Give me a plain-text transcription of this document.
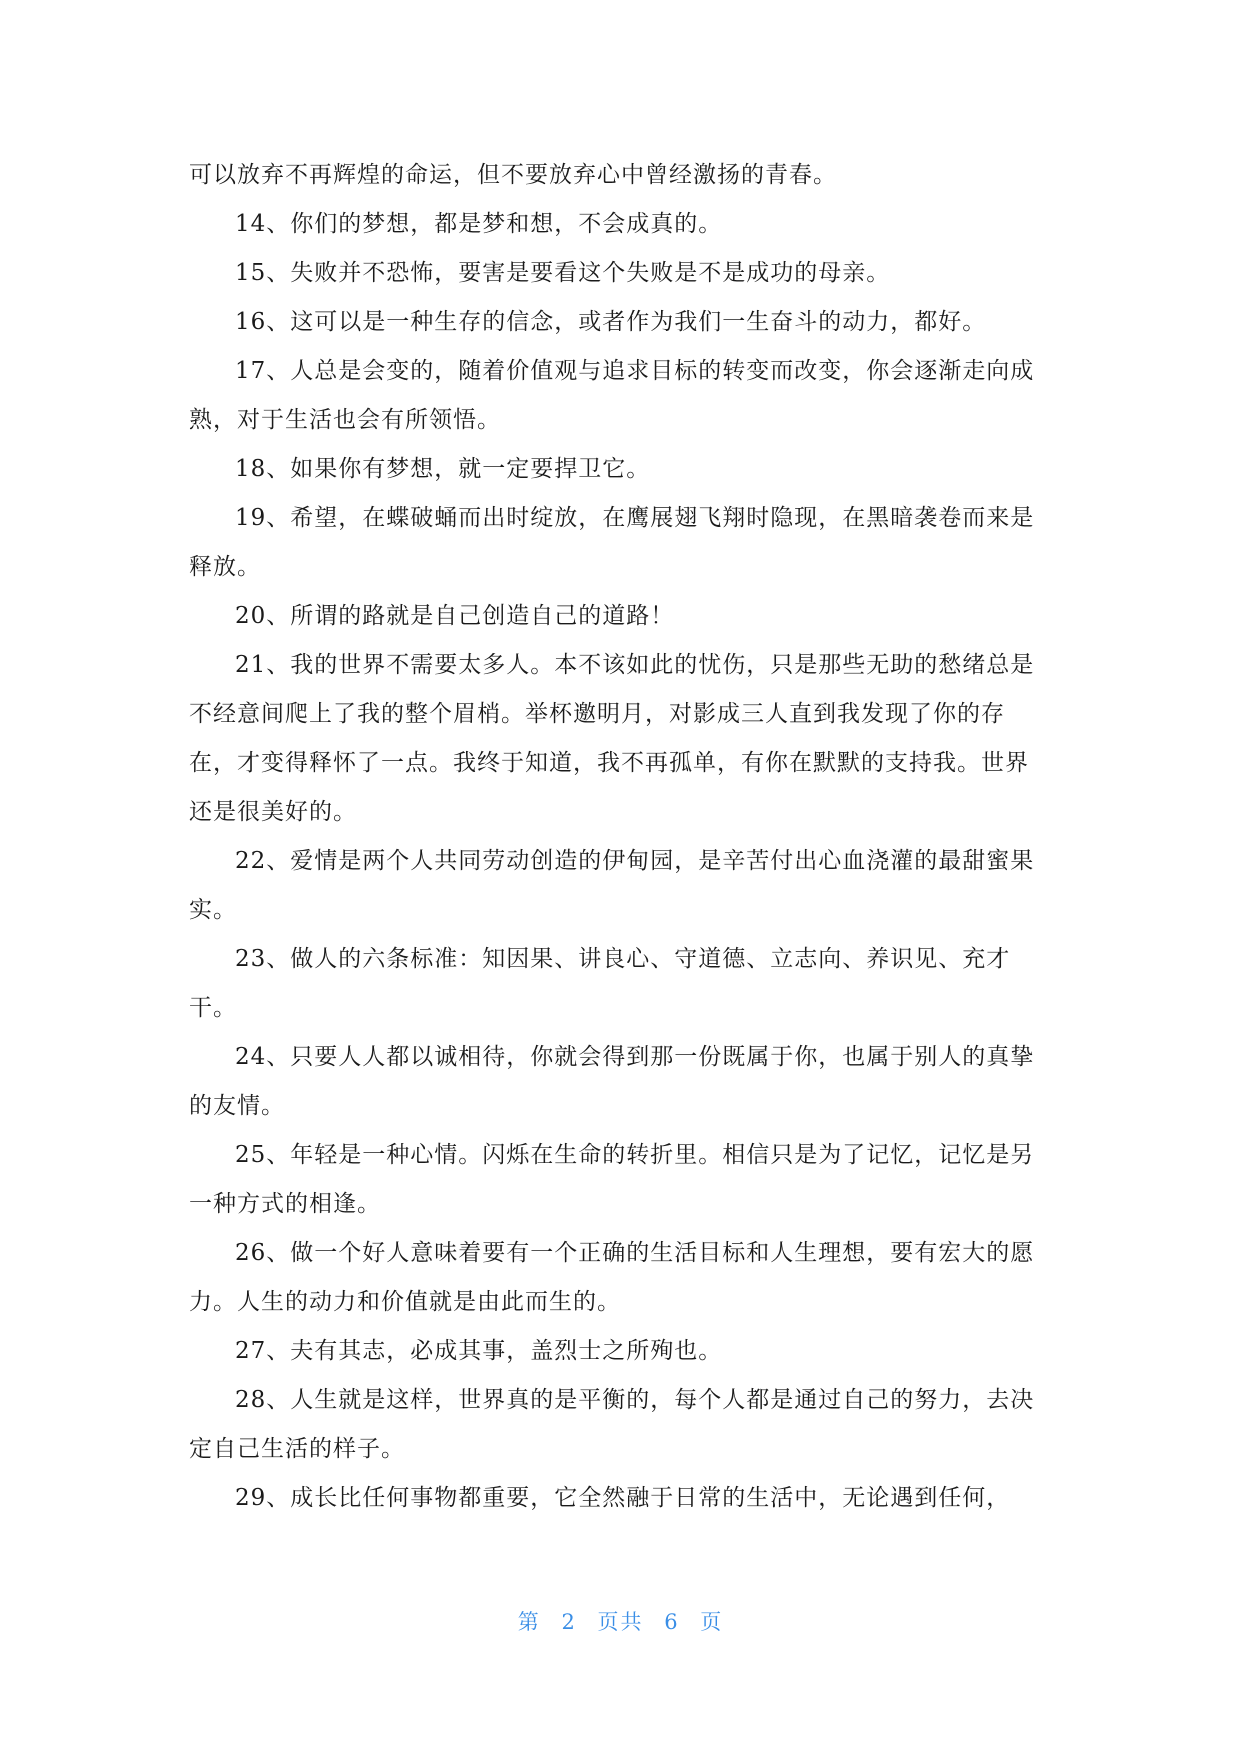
可以放弃不再辉煌的命运，但不要放弃心中曾经激扬的青春。

14、你们的梦想，都是梦和想，不会成真的。

15、失败并不恐怖，要害是要看这个失败是不是成功的母亲。

16、这可以是一种生存的信念，或者作为我们一生奋斗的动力，都好。

17、人总是会变的，随着价值观与追求目标的转变而改变，你会逐渐走向成熟，对于生活也会有所领悟。

18、如果你有梦想，就一定要捍卫它。

19、希望，在蝶破蛹而出时绽放，在鹰展翅飞翔时隐现，在黑暗袭卷而来是释放。

20、所谓的路就是自己创造自己的道路！

21、我的世界不需要太多人。本不该如此的忧伤，只是那些无助的愁绪总是不经意间爬上了我的整个眉梢。举杯邀明月，对影成三人直到我发现了你的存在，才变得释怀了一点。我终于知道，我不再孤单，有你在默默的支持我。世界还是很美好的。

22、爱情是两个人共同劳动创造的伊甸园，是辛苦付出心血浇灌的最甜蜜果实。

23、做人的六条标准：知因果、讲良心、守道德、立志向、养识见、充才干。

24、只要人人都以诚相待，你就会得到那一份既属于你，也属于别人的真挚的友情。

25、年轻是一种心情。闪烁在生命的转折里。相信只是为了记忆，记忆是另一种方式的相逢。

26、做一个好人意味着要有一个正确的生活目标和人生理想，要有宏大的愿力。人生的动力和价值就是由此而生的。

27、夫有其志，必成其事，盖烈士之所殉也。

28、人生就是这样，世界真的是平衡的，每个人都是通过自己的努力，去决定自己生活的样子。

29、成长比任何事物都重要，它全然融于日常的生活中，无论遇到任何，

第 2 页共 6 页
